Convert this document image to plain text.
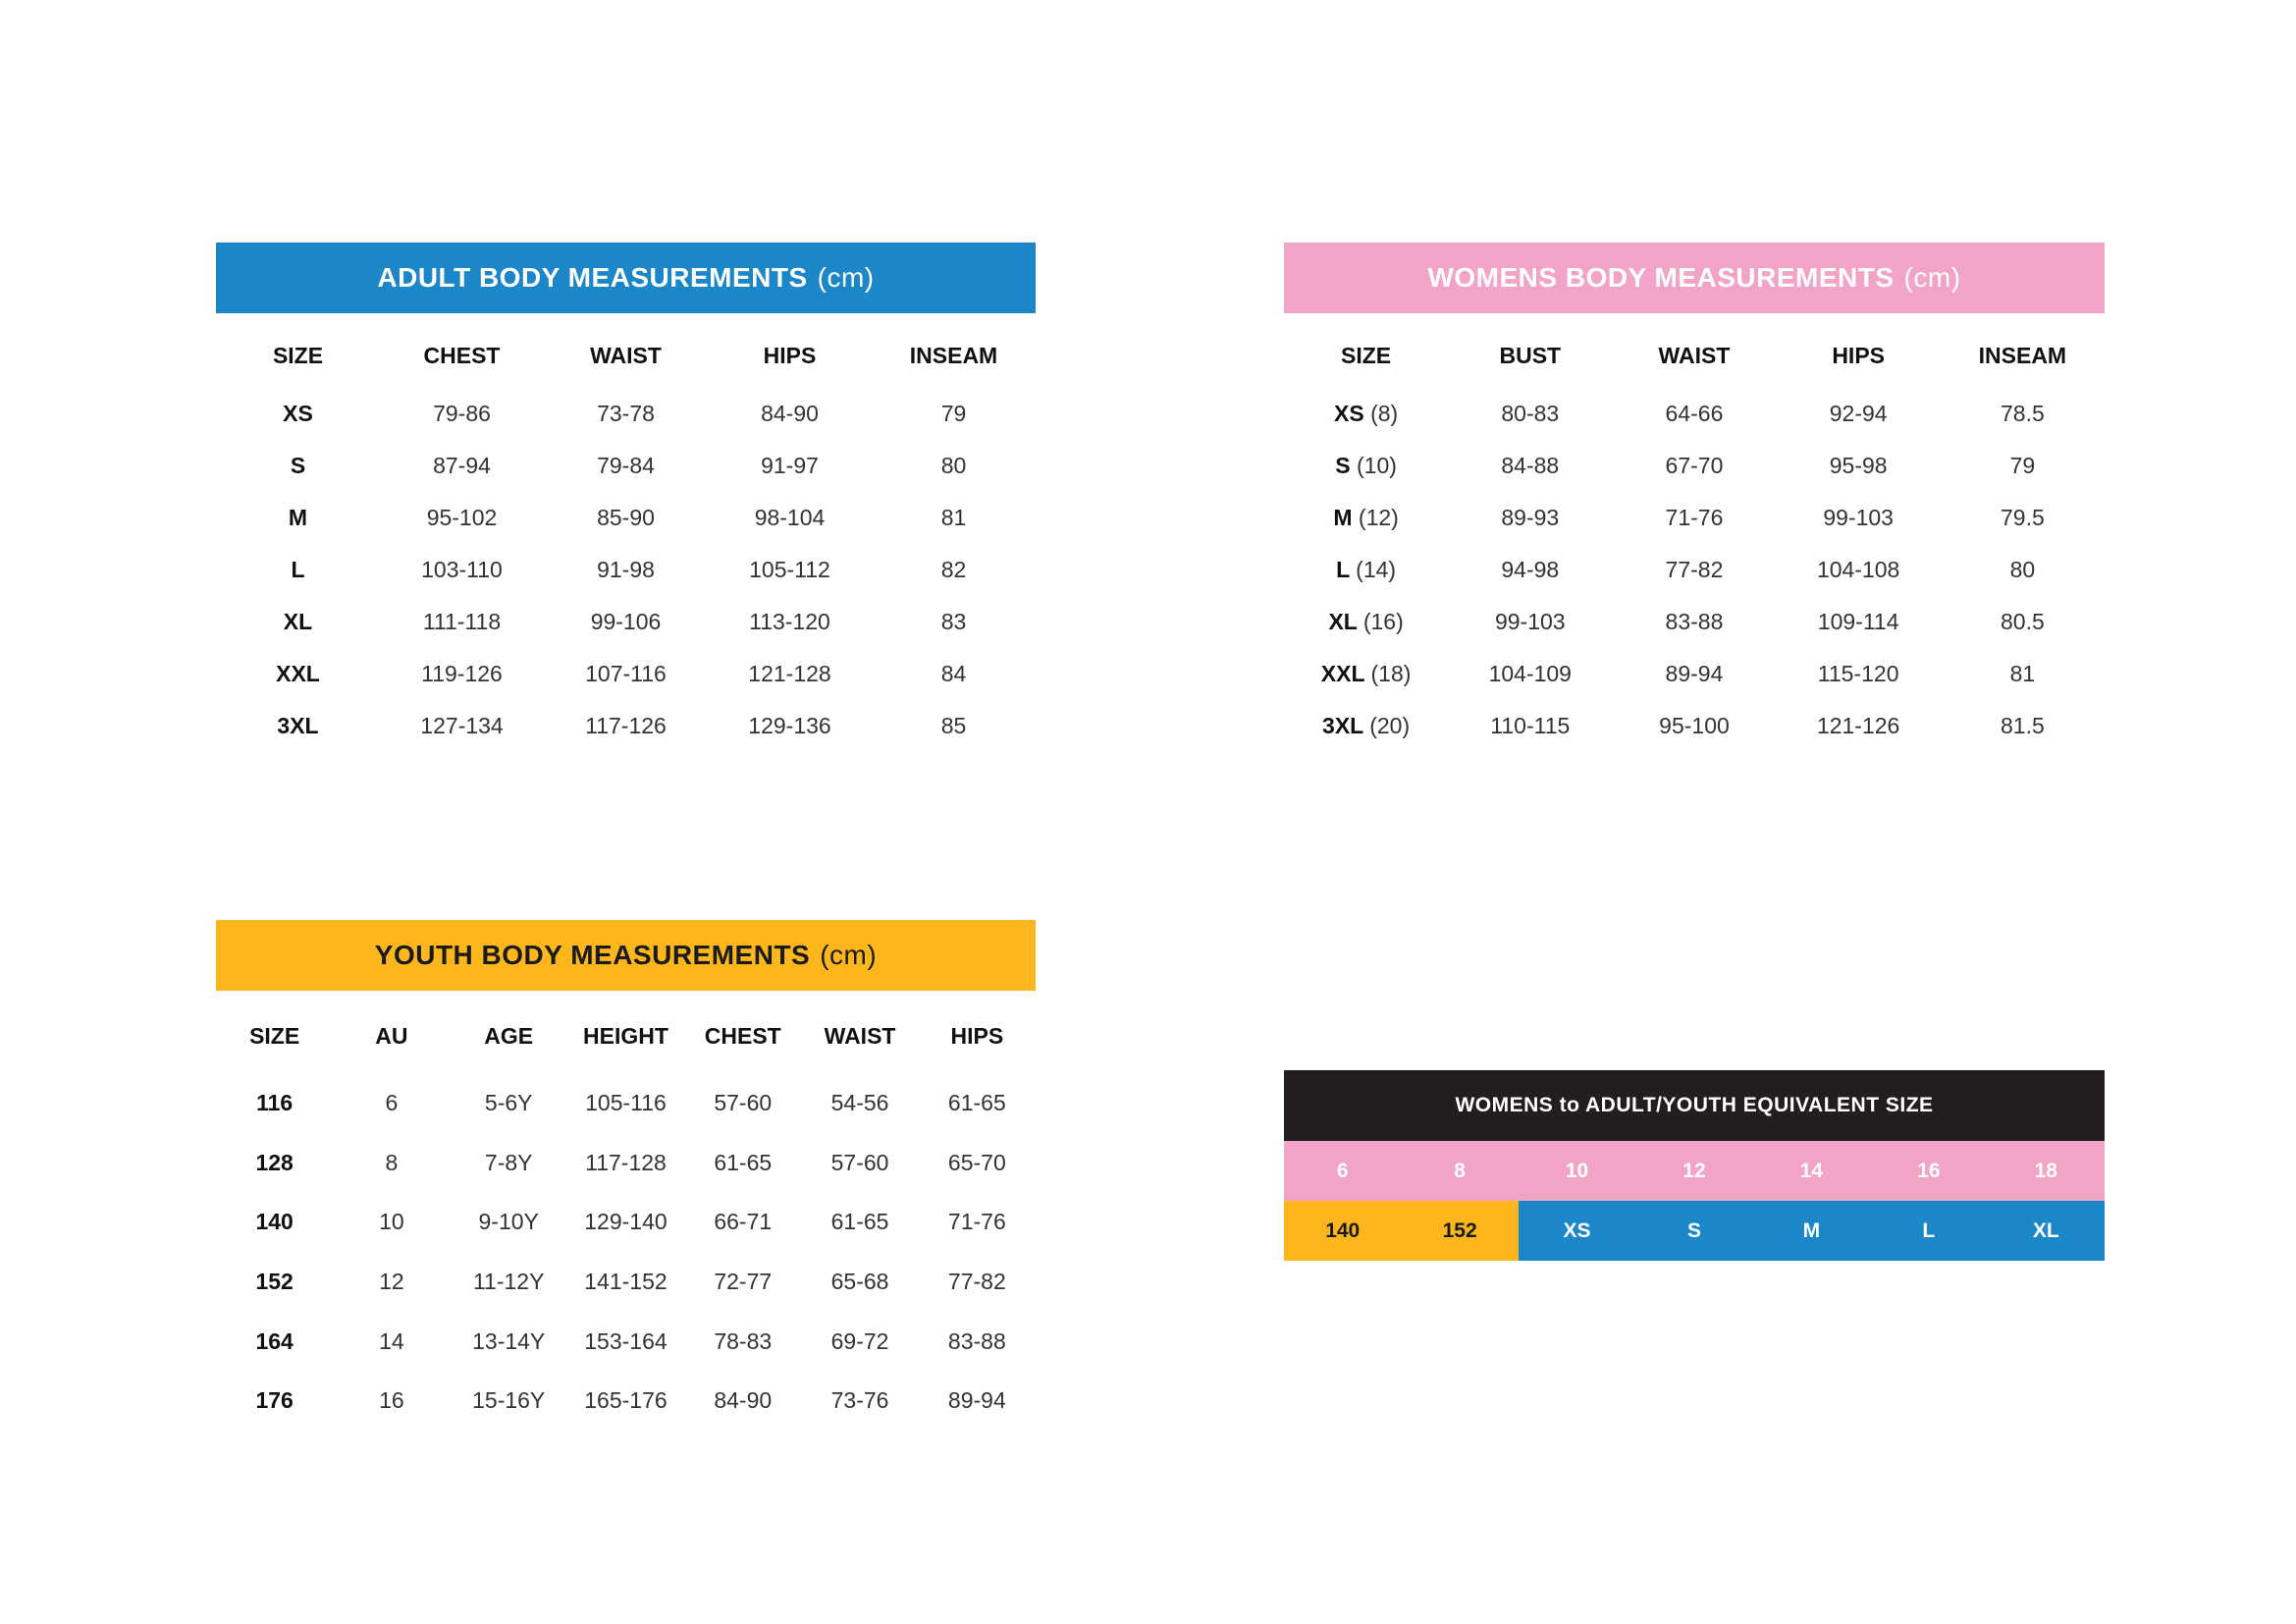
ADULT BODY MEASUREMENTS (cm)
SIZE	CHEST	WAIST	HIPS	INSEAM
XS	79-86	73-78	84-90	79
S	87-94	79-84	91-97	80
M	95-102	85-90	98-104	81
L	103-110	91-98	105-112	82
XL	111-118	99-106	113-120	83
XXL	119-126	107-116	121-128	84
3XL	127-134	117-126	129-136	85
WOMENS BODY MEASUREMENTS (cm)
SIZE	BUST	WAIST	HIPS	INSEAM
XS (8)	80-83	64-66	92-94	78.5
S (10)	84-88	67-70	95-98	79
M (12)	89-93	71-76	99-103	79.5
L (14)	94-98	77-82	104-108	80
XL (16)	99-103	83-88	109-114	80.5
XXL (18)	104-109	89-94	115-120	81
3XL (20)	110-115	95-100	121-126	81.5
YOUTH BODY MEASUREMENTS (cm)
SIZE	AU	AGE	HEIGHT	CHEST	WAIST	HIPS
116	6	5-6Y	105-116	57-60	54-56	61-65
128	8	7-8Y	117-128	61-65	57-60	65-70
140	10	9-10Y	129-140	66-71	61-65	71-76
152	12	11-12Y	141-152	72-77	65-68	77-82
164	14	13-14Y	153-164	78-83	69-72	83-88
176	16	15-16Y	165-176	84-90	73-76	89-94
WOMENS to ADULT/YOUTH EQUIVALENT SIZE
6	8	10	12	14	16	18
140	152	XS	S	M	L	XL
